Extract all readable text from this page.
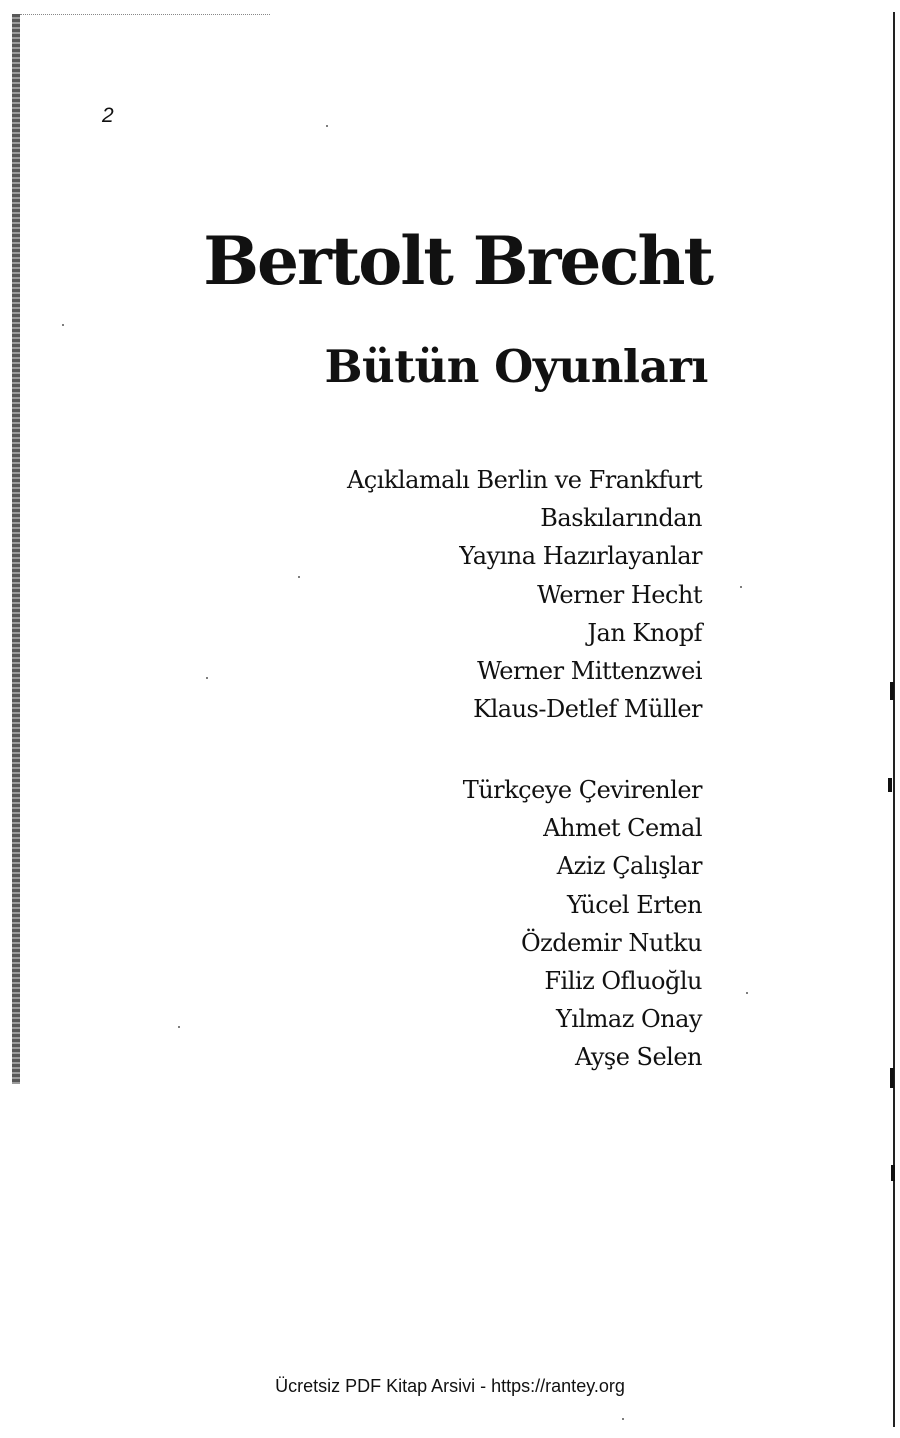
2
Bertolt Brecht
Bütün Oyunları
Açıklamalı Berlin ve Frankfurt
Baskılarından
Yayına Hazırlayanlar
Werner Hecht
Jan Knopf
Werner Mittenzwei
Klaus-Detlef Müller
Türkçeye Çevirenler
Ahmet Cemal
Aziz Çalışlar
Yücel Erten
Özdemir Nutku
Filiz Ofluoğlu
Yılmaz Onay
Ayşe Selen
Ücretsiz PDF Kitap Arsivi - https://rantey.org
